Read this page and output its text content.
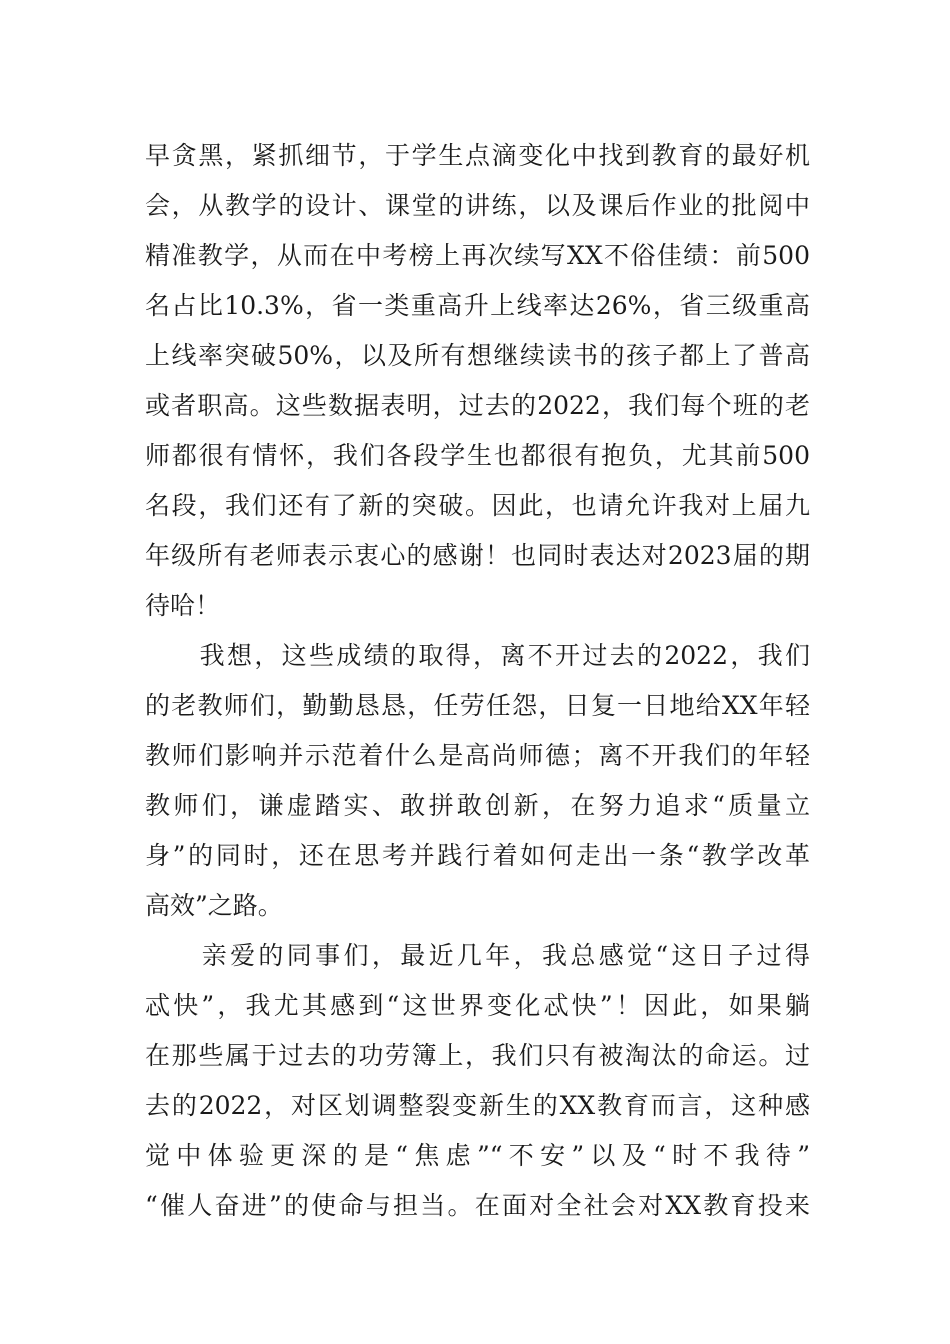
早贪黑，紧抓细节，于学生点滴变化中找到教育的最好机
会，从教学的设计、课堂的讲练，以及课后作业的批阅中
精准教学，从而在中考榜上再次续写XX不俗佳绩：前500
名占比10.3%，省一类重高升上线率达26%，省三级重高
上线率突破50%，以及所有想继续读书的孩子都上了普高
或者职高。这些数据表明，过去的2022，我们每个班的老
师都很有情怀，我们各段学生也都很有抱负，尤其前500
名段，我们还有了新的突破。因此，也请允许我对上届九
年级所有老师表示衷心的感谢！也同时表达对2023届的期
待哈！
　　我想，这些成绩的取得，离不开过去的2022，我们
的老教师们，勤勤恳恳，任劳任怨，日复一日地给XX年轻
教师们影响并示范着什么是高尚师德；离不开我们的年轻
教师们，谦虚踏实、敢拼敢创新，在努力追求“质量立
身”的同时，还在思考并践行着如何走出一条“教学改革
高效”之路。
　　亲爱的同事们，最近几年，我总感觉“这日子过得
忒快”，我尤其感到“这世界变化忒快”！因此，如果躺
在那些属于过去的功劳簿上，我们只有被淘汰的命运。过
去的2022，对区划调整裂变新生的XX教育而言，这种感
觉中体验更深的是“焦虑”“不安”以及“时不我待”
“催人奋进”的使命与担当。在面对全社会对XX教育投来
